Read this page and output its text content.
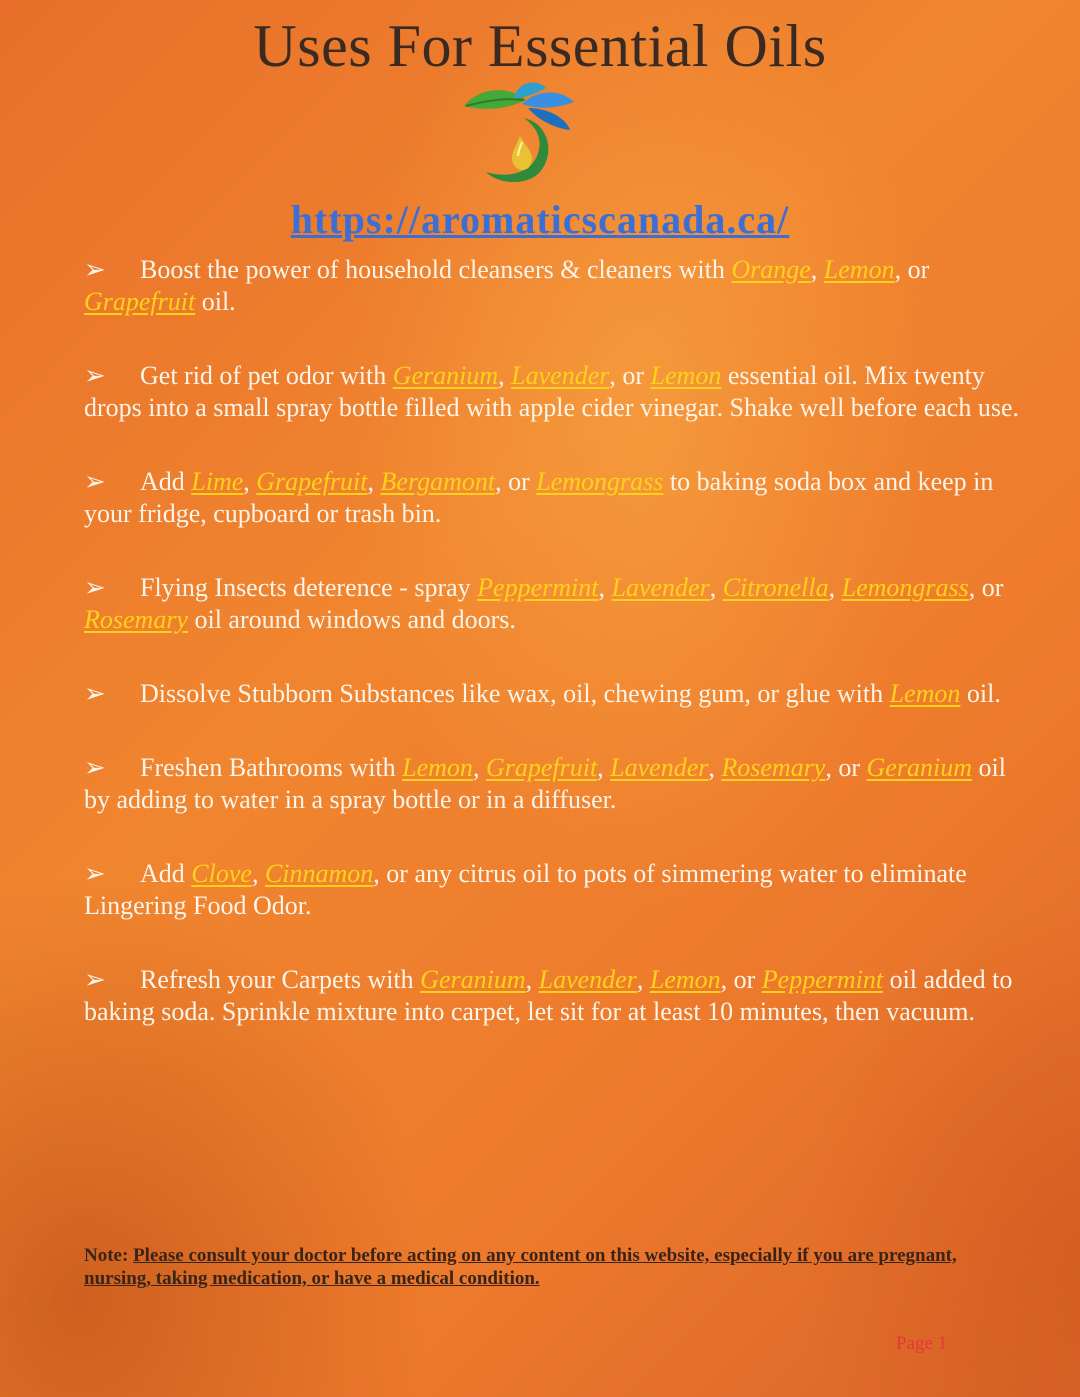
Uses For Essential Oils
https://aromaticscanada.ca/
➢ Boost the power of household cleansers & cleaners with Orange, Lemon, or Grapefruit oil.
➢ Get rid of pet odor with Geranium, Lavender, or Lemon essential oil. Mix twenty drops into a small spray bottle filled with apple cider vinegar. Shake well before each use.
➢ Add Lime, Grapefruit, Bergamont, or Lemongrass to baking soda box and keep in your fridge, cupboard or trash bin.
➢ Flying Insects deterence - spray Peppermint, Lavender, Citronella, Lemongrass, or Rosemary oil around windows and doors.
➢ Dissolve Stubborn Substances like wax, oil, chewing gum, or glue with Lemon oil.
➢ Freshen Bathrooms with Lemon, Grapefruit, Lavender, Rosemary, or Geranium oil by adding to water in a spray bottle or in a diffuser.
➢ Add Clove, Cinnamon, or any citrus oil to pots of simmering water to eliminate Lingering Food Odor.
➢ Refresh your Carpets with Geranium, Lavender, Lemon, or Peppermint oil added to baking soda. Sprinkle mixture into carpet, let sit for at least 10 minutes, then vacuum.
Note: Please consult your doctor before acting on any content on this website, especially if you are pregnant, nursing, taking medication, or have a medical condition.
Page 1
